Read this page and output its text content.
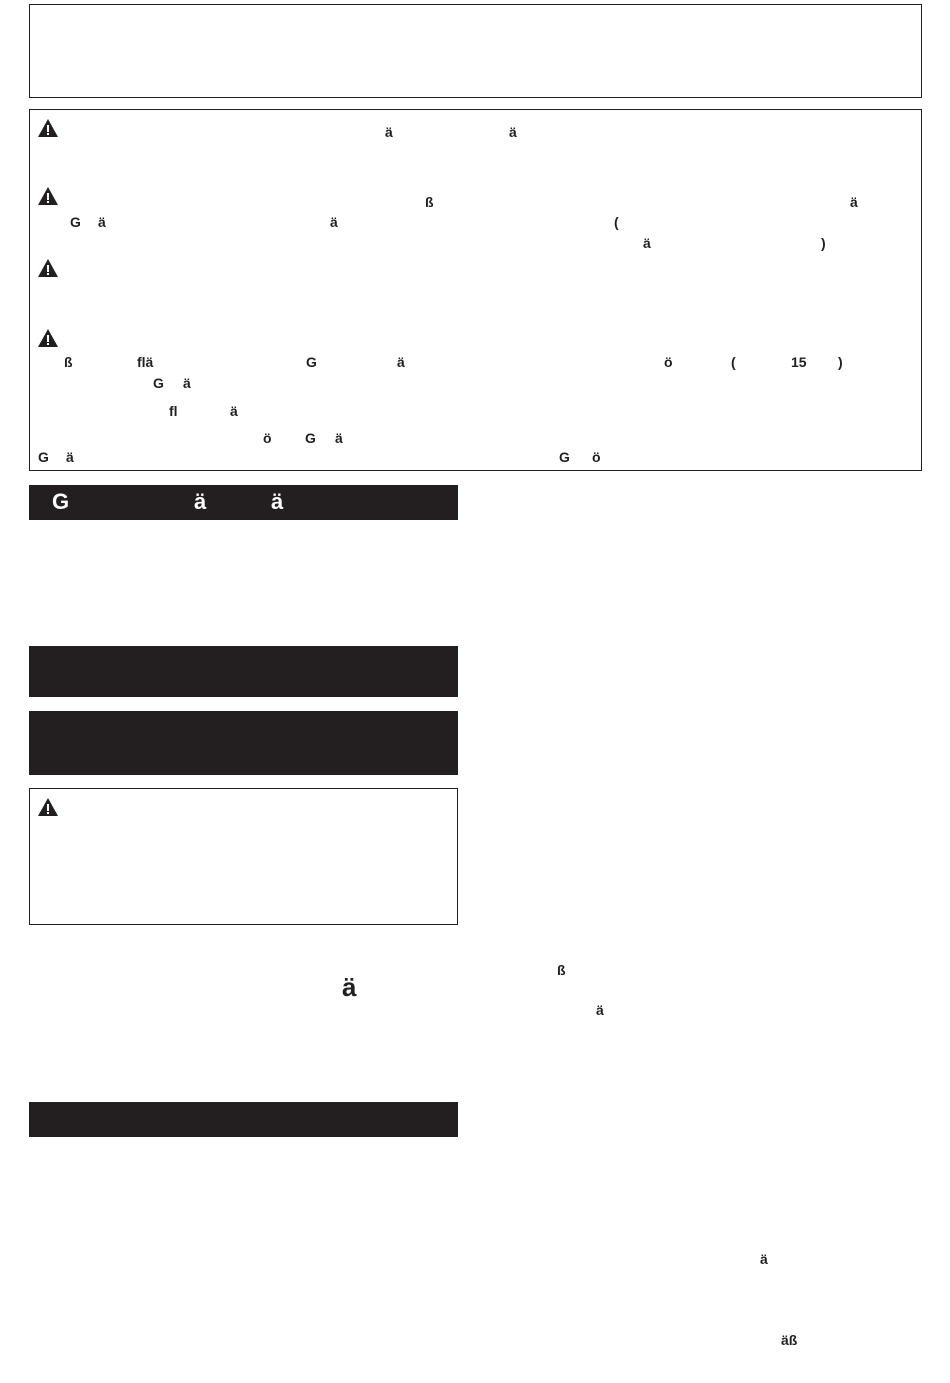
ä	ä
ß	ä
G ä	ä	(
ä	)
ß	flä	G	ä	ö	(	15 )
G ä
fl	ä
ö G ä
G ä	G ö
G	ä	ä
ä
ß
ä
ä
äß
